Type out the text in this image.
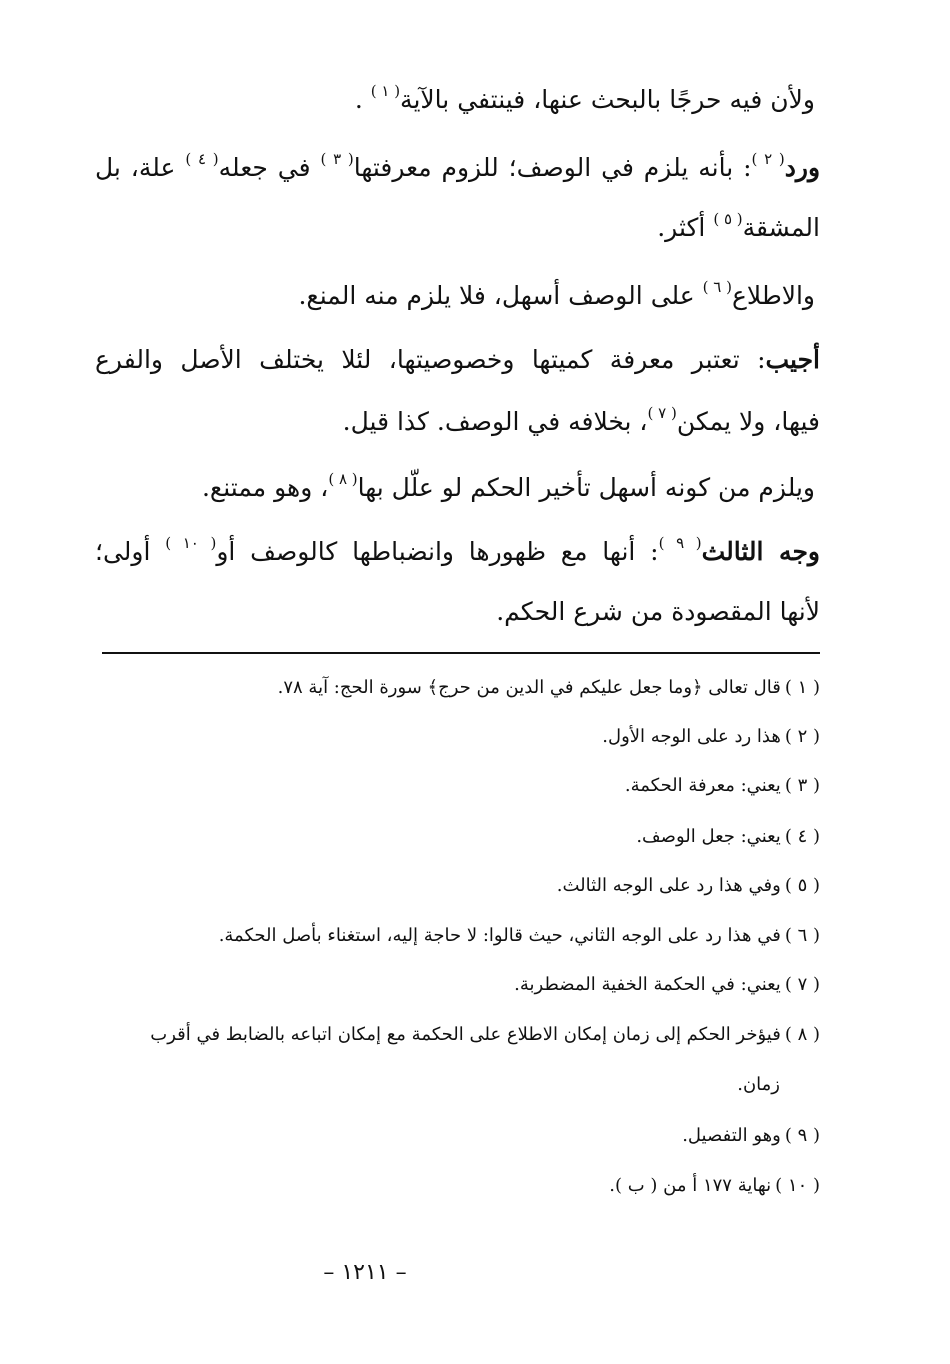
ولأن فيه حرجًا بالبحث عنها، فينتفي بالآية$^{( ١ )}$ .
ورد$^{( ٢ )}$: بأنه يلزم في الوصف؛ للزوم معرفتها$^{( ٣ )}$ في جعله$^{( ٤ )}$ علة، بل
المشقة$^{( ٥ )}$ أكثر.
والاطلاع$^{( ٦ )}$ على الوصف أسهل، فلا يلزم منه المنع.
أجيب: تعتبر معرفة كميتها وخصوصيتها، لئلا يختلف الأصل والفرع
فيها، ولا يمكن$^{( ٧ )}$، بخلافه في الوصف. كذا قيل.
ويلزم من كونه أسهل تأخير الحكم لو علّل بها$^{( ٨ )}$، وهو ممتنع.
وجه الثالث$^{( ٩ )}$: أنها مع ظهورها وانضباطها كالوصف أو$^{( ١٠ )}$ أولى؛
لأنها المقصودة من شرع الحكم.
( ١ )قال تعالى ﴿وما جعل عليكم في الدين من حرج﴾ سورة الحج: آية ٧٨.
( ٢ )هذا رد على الوجه الأول.
( ٣ )يعني: معرفة الحكمة.
( ٤ )يعني: جعل الوصف.
( ٥ )وفي هذا رد على الوجه الثالث.
( ٦ )في هذا رد على الوجه الثاني، حيث قالوا: لا حاجة إليه، استغناء بأصل الحكمة.
( ٧ )يعني: في الحكمة الخفية المضطربة.
( ٨ )فيؤخر الحكم إلى زمان إمكان الاطلاع على الحكمة مع إمكان اتباعه بالضابط في أقرب
زمان.
( ٩ )وهو التفصيل.
( ١٠ )نهاية ١٧٧ أ من ( ب ).
– ١٢١١ –
